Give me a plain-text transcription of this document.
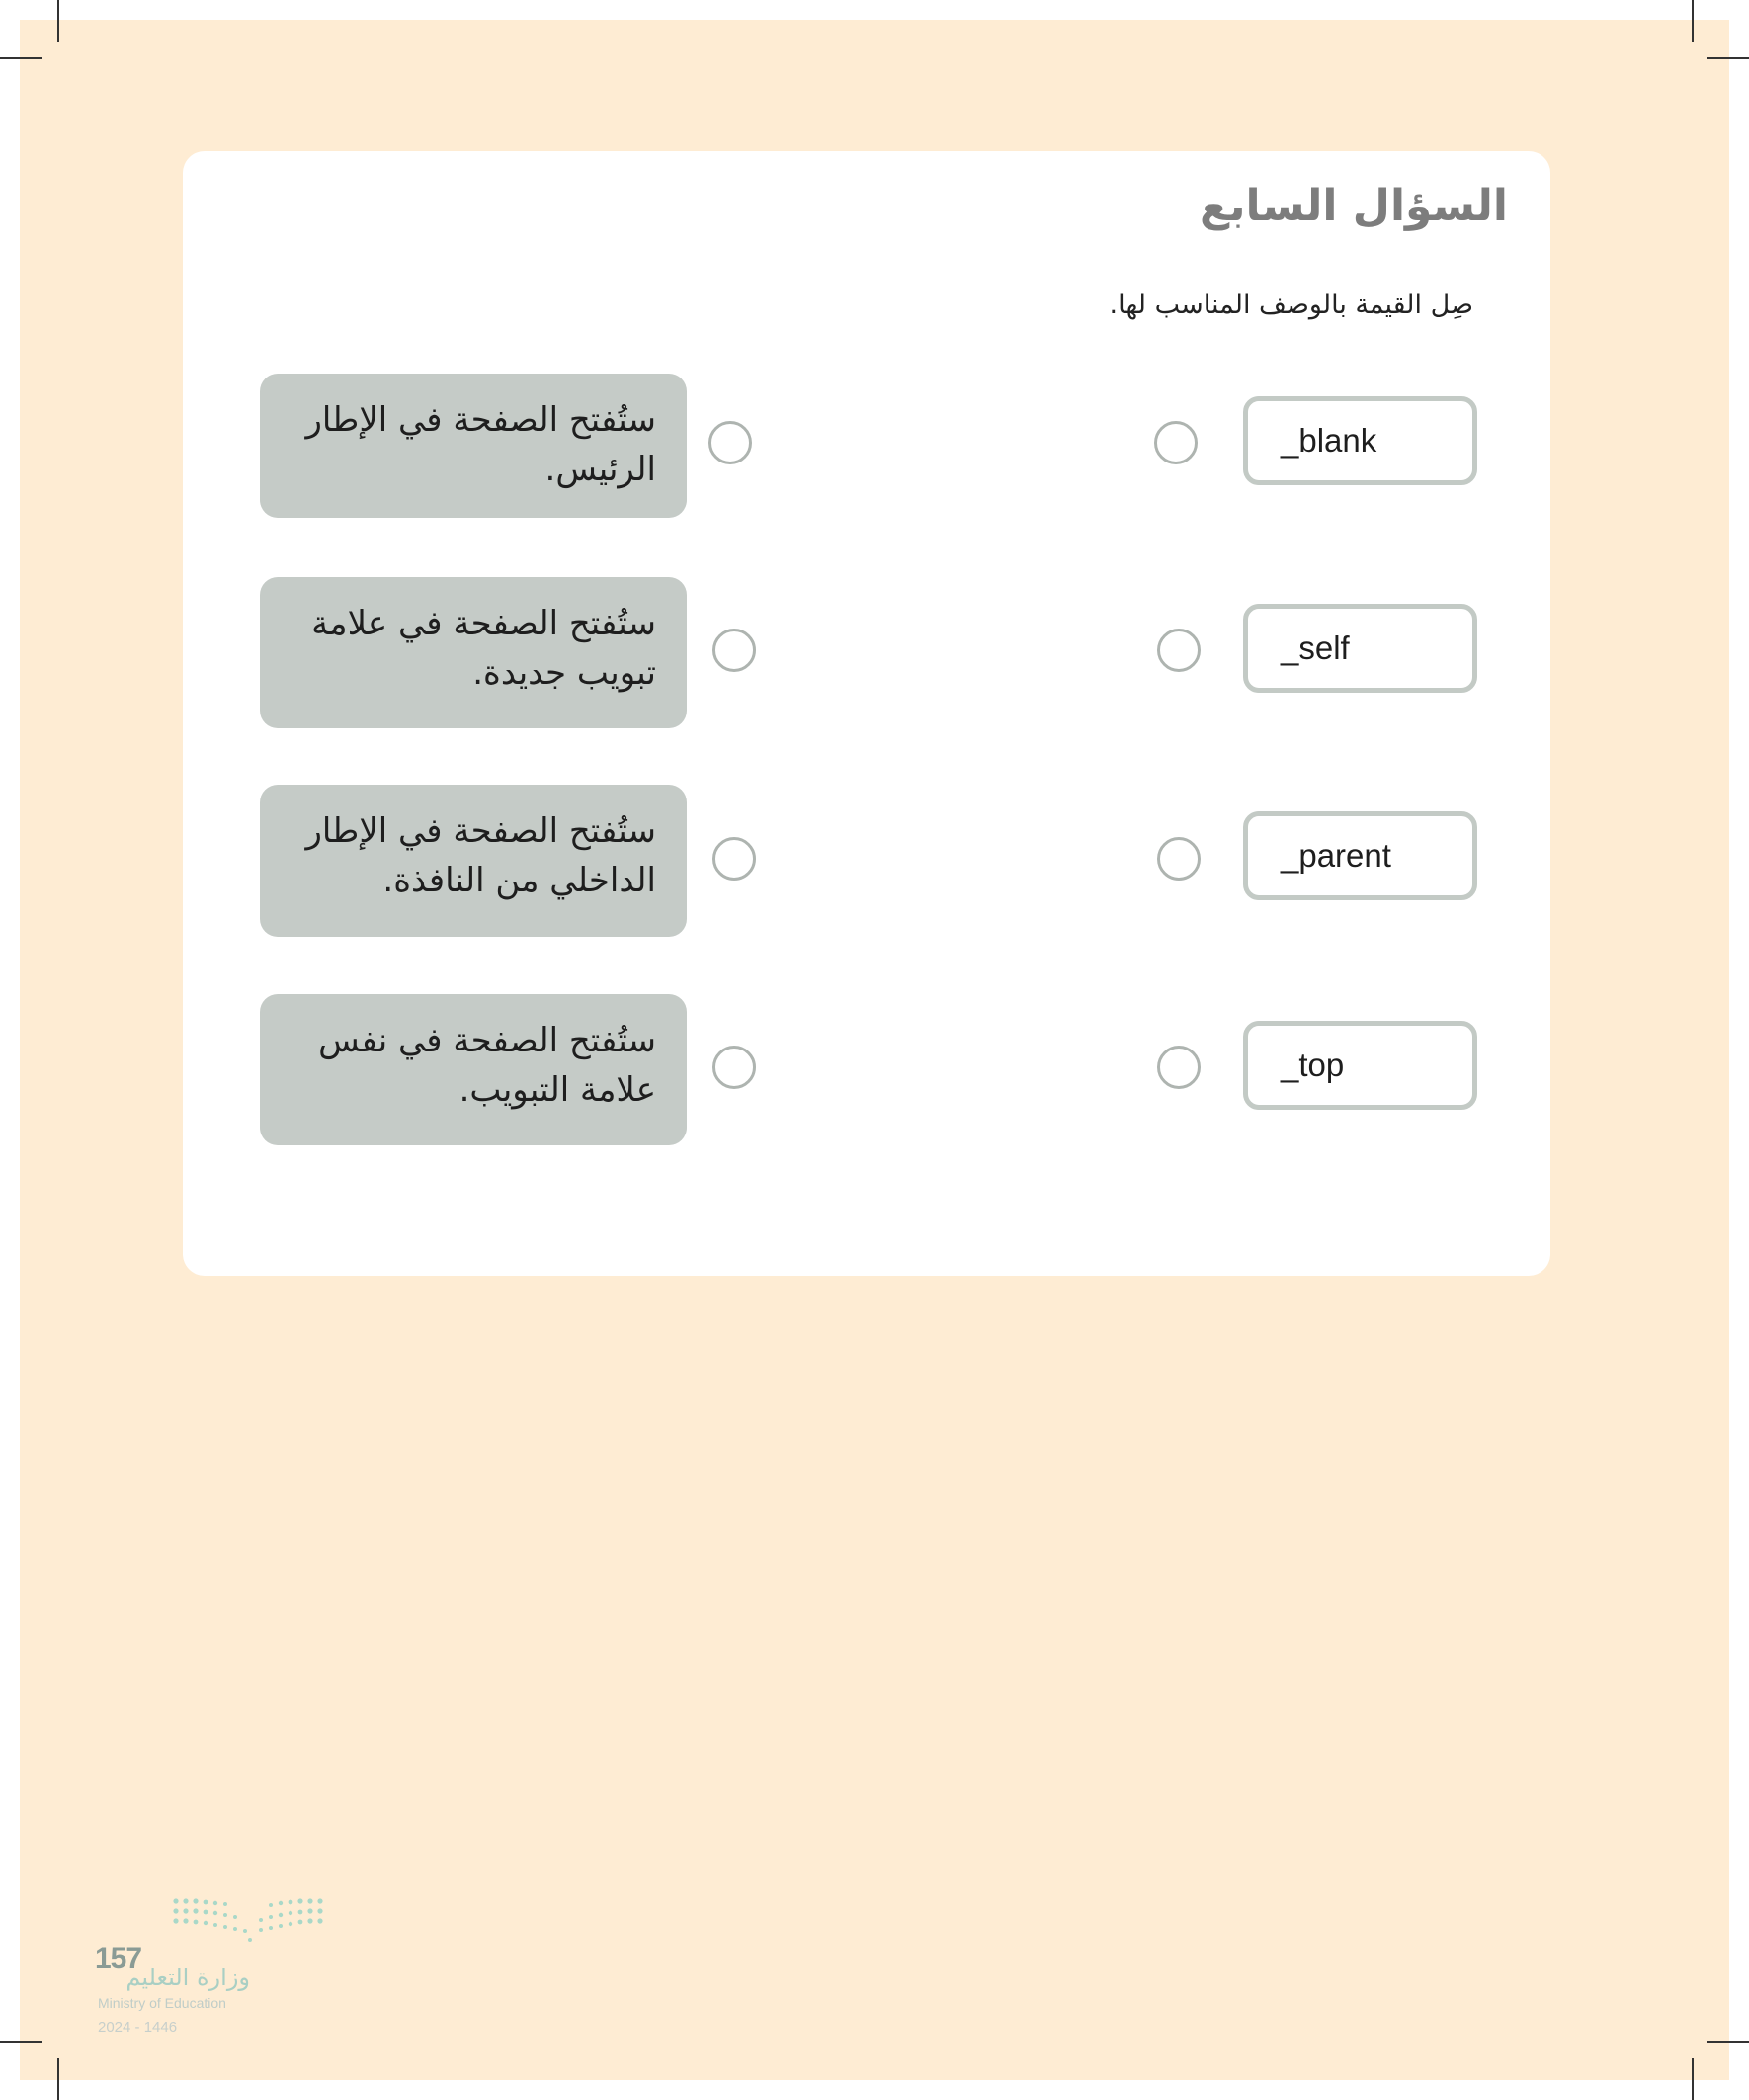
السؤال السابع

صِل القيمة بالوصف المناسب لها.

_blank
_self
_parent
_top
ستُفتح الصفحة في الإطار الرئيس.
ستُفتح الصفحة في علامة تبويب جديدة.
ستُفتح الصفحة في الإطار الداخلي من النافذة.
ستُفتح الصفحة في نفس علامة التبويب.
157
وزارة التعليم
Ministry of Education
2024 - 1446
